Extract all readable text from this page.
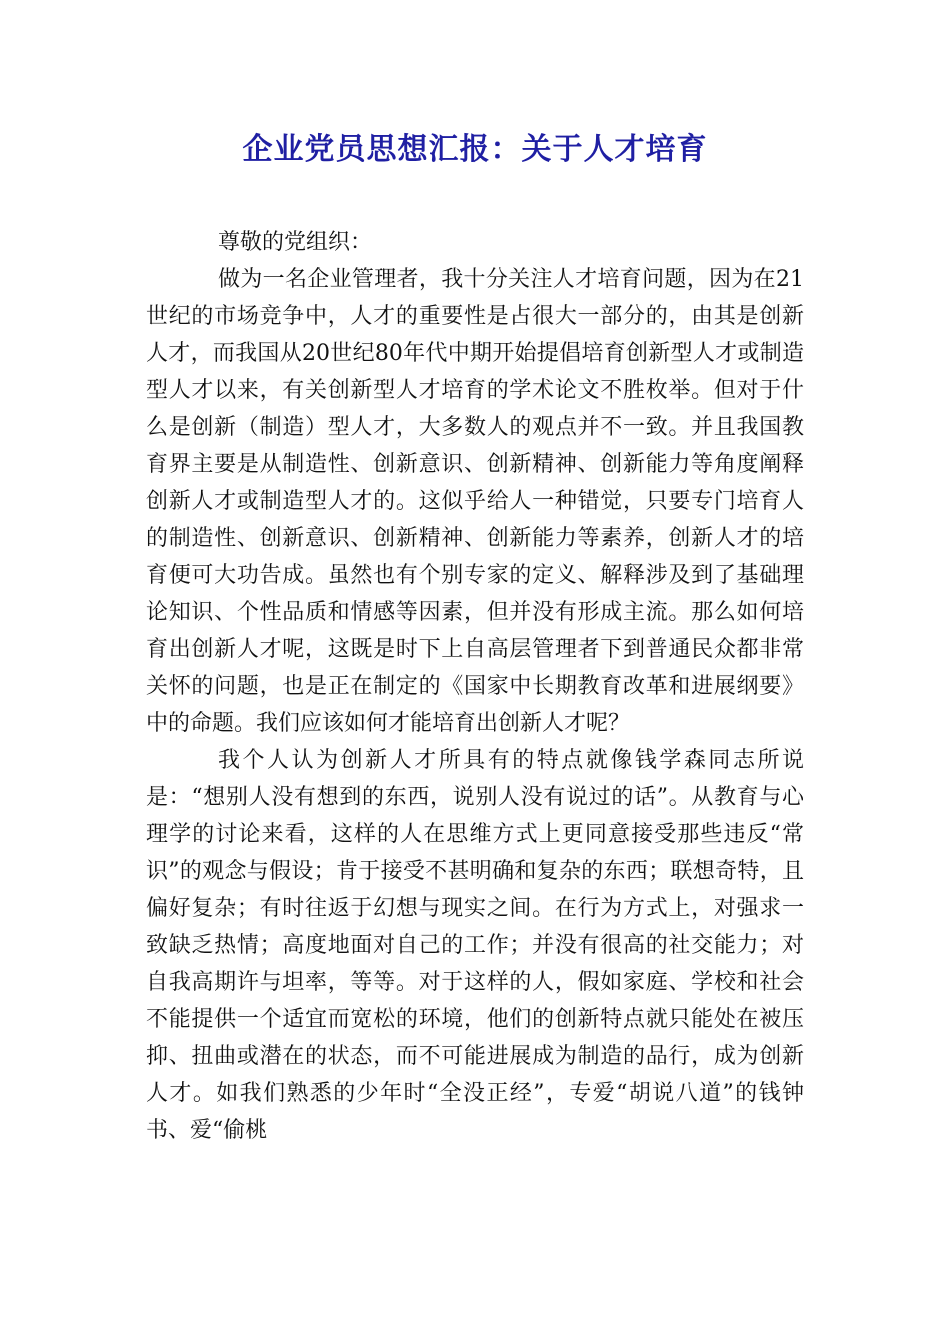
企业党员思想汇报：关于人才培育

尊敬的党组织：

做为一名企业管理者，我十分关注人才培育问题，因为在21世纪的市场竞争中，人才的重要性是占很大一部分的，由其是创新人才，而我国从20世纪80年代中期开始提倡培育创新型人才或制造型人才以来，有关创新型人才培育的学术论文不胜枚举。但对于什么是创新（制造）型人才，大多数人的观点并不一致。并且我国教育界主要是从制造性、创新意识、创新精神、创新能力等角度阐释创新人才或制造型人才的。这似乎给人一种错觉，只要专门培育人的制造性、创新意识、创新精神、创新能力等素养，创新人才的培育便可大功告成。虽然也有个别专家的定义、解释涉及到了基础理论知识、个性品质和情感等因素，但并没有形成主流。那么如何培育出创新人才呢，这既是时下上自高层管理者下到普通民众都非常关怀的问题，也是正在制定的《国家中长期教育改革和进展纲要》中的命题。我们应该如何才能培育出创新人才呢？

我个人认为创新人才所具有的特点就像钱学森同志所说是：“想别人没有想到的东西，说别人没有说过的话”。从教育与心理学的讨论来看，这样的人在思维方式上更同意接受那些违反“常识”的观念与假设；肯于接受不甚明确和复杂的东西；联想奇特，且偏好复杂；有时往返于幻想与现实之间。在行为方式上，对强求一致缺乏热情；高度地面对自己的工作；并没有很高的社交能力；对自我高期许与坦率，等等。对于这样的人，假如家庭、学校和社会不能提供一个适宜而宽松的环境，他们的创新特点就只能处在被压抑、扭曲或潜在的状态，而不可能进展成为制造的品行，成为创新人才。如我们熟悉的少年时“全没正经”，专爱“胡说八道”的钱钟书、爱“偷桃
